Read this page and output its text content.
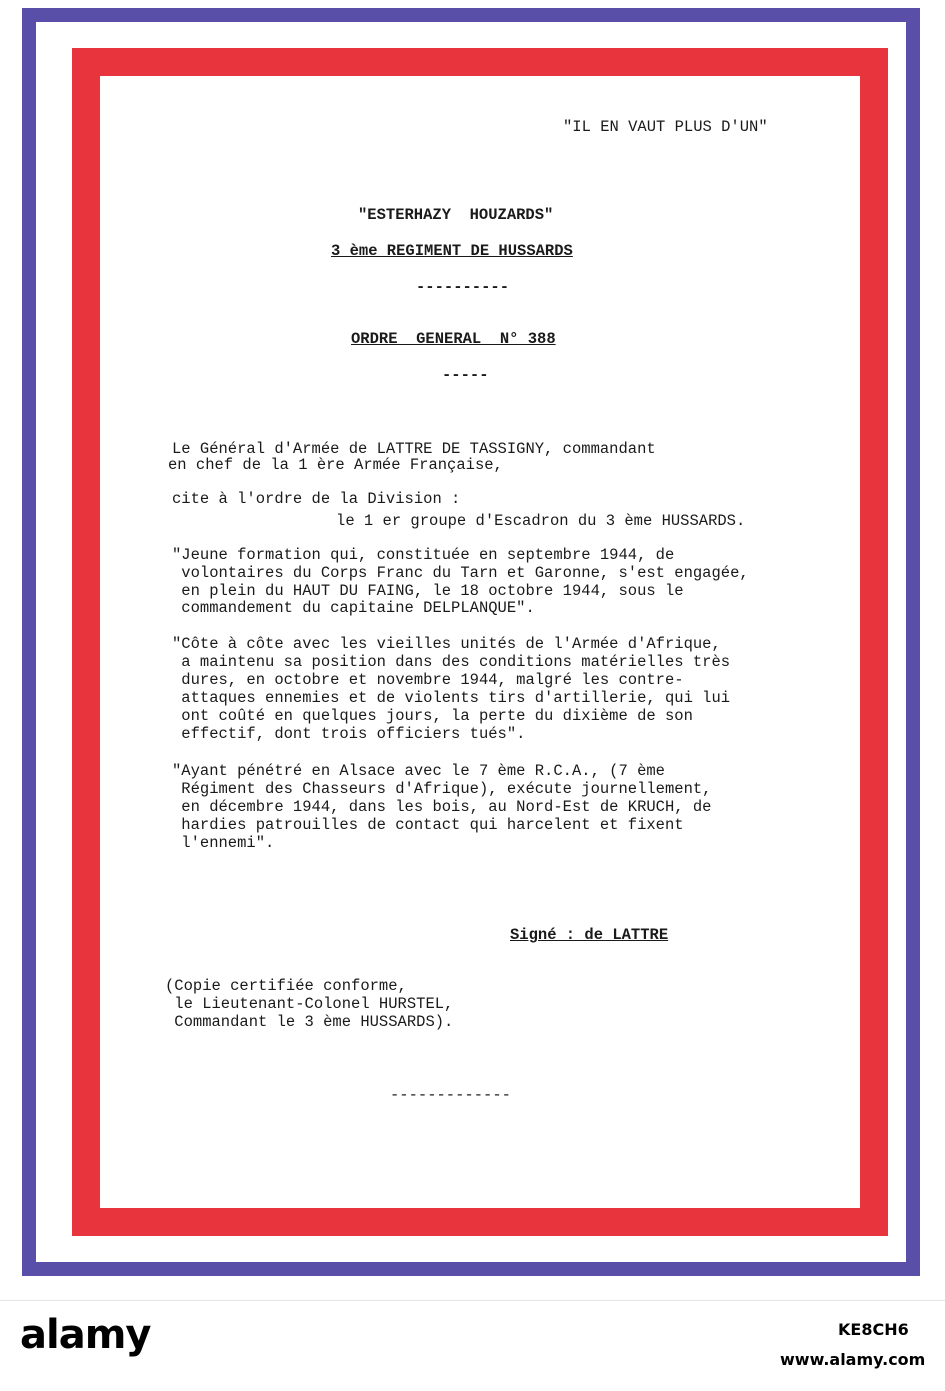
"IL EN VAUT PLUS D'UN"
"ESTERHAZY  HOUZARDS"
3 ème REGIMENT DE HUSSARDS
----------
ORDRE  GENERAL  N° 388
-----
Le Général d'Armée de LATTRE DE TASSIGNY, commandant
en chef de la 1 ère Armée Française,
cite à l'ordre de la Division :
le 1 er groupe d'Escadron du 3 ème HUSSARDS.
"Jeune formation qui, constituée en septembre 1944, de
volontaires du Corps Franc du Tarn et Garonne, s'est engagée,
en plein du HAUT DU FAING, le 18 octobre 1944, sous le
commandement du capitaine DELPLANQUE".
"Côte à côte avec les vieilles unités de l'Armée d'Afrique,
a maintenu sa position dans des conditions matérielles très
dures, en octobre et novembre 1944, malgré les contre-
attaques ennemies et de violents tirs d'artillerie, qui lui
ont coûté en quelques jours, la perte du dixième de son
effectif, dont trois officiers tués".
"Ayant pénétré en Alsace avec le 7 ème R.C.A., (7 ème
Régiment des Chasseurs d'Afrique), exécute journellement,
en décembre 1944, dans les bois, au Nord-Est de KRUCH, de
hardies patrouilles de contact qui harcelent et fixent
l'ennemi".
Signé : de LATTRE
(Copie certifiée conforme,
le Lieutenant-Colonel HURSTEL,
Commandant le 3 ème HUSSARDS).
-------------
alamy	KE8CH6
www.alamy.com
